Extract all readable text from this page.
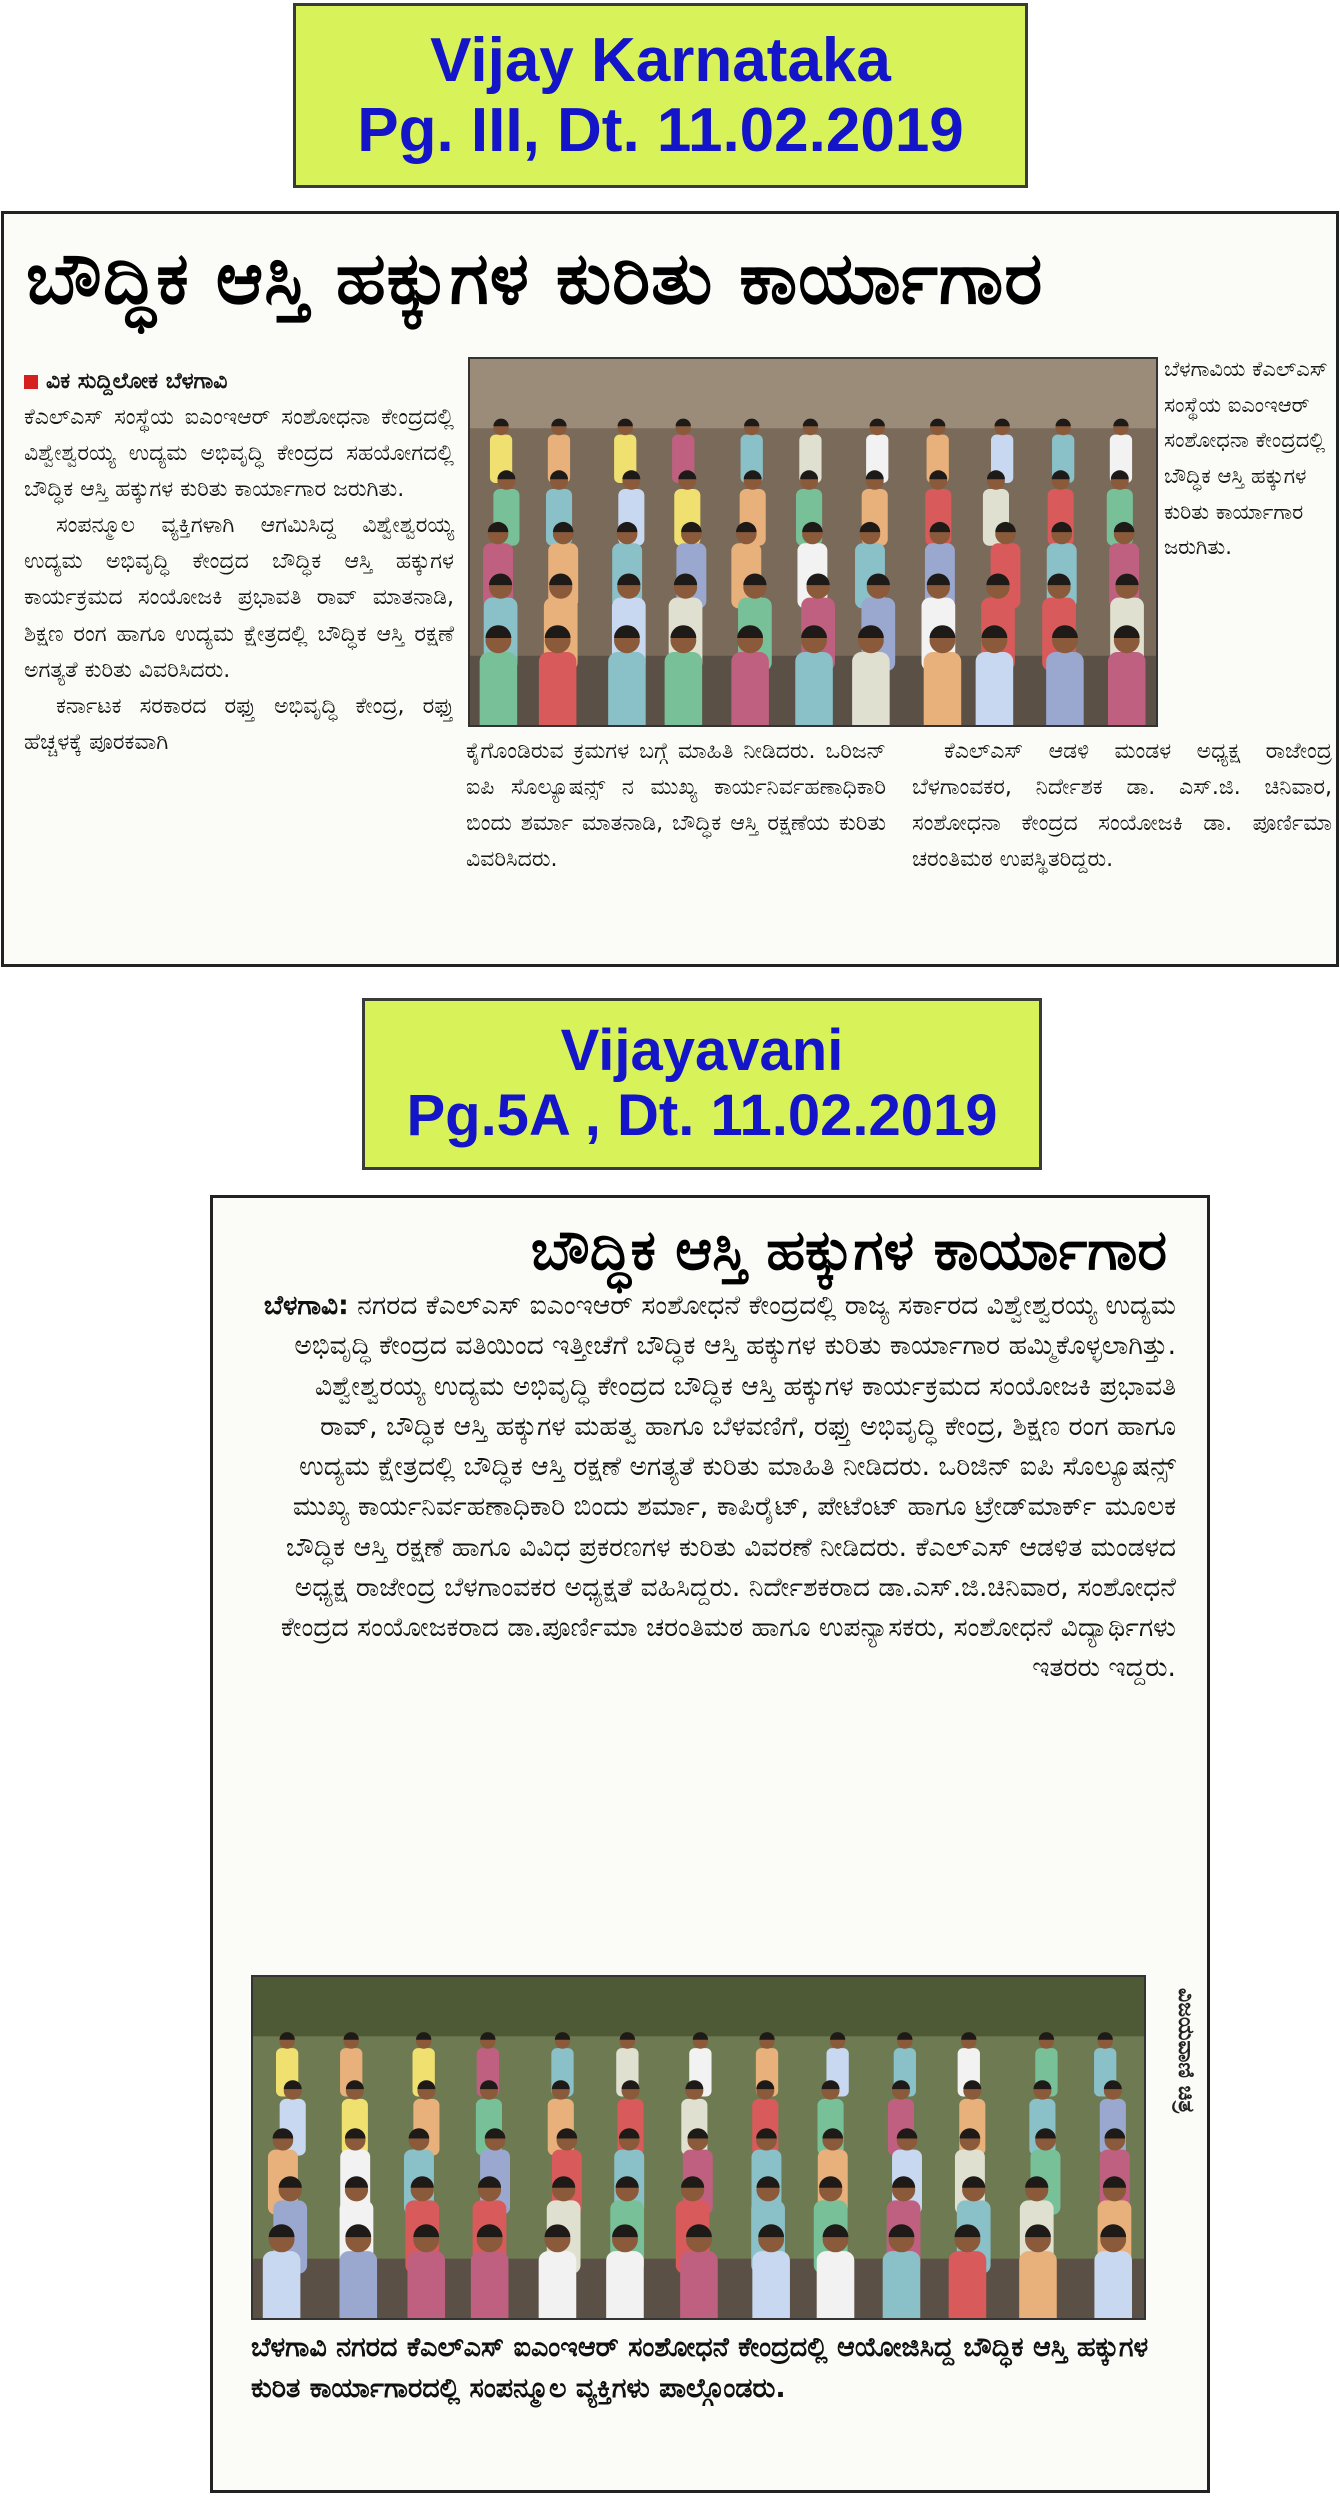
Vijay Karnataka
Pg. III, Dt. 11.02.2019
ಬೌದ್ಧಿಕ ಆಸ್ತಿ ಹಕ್ಕುಗಳ ಕುರಿತು ಕಾರ್ಯಾಗಾರ

ವಿಕ ಸುದ್ದಿಲೋಕ ಬೆಳಗಾವಿ

ಕೆಎಲ್‌ಎಸ್ ಸಂಸ್ಥೆಯ ಐಎಂಇಆರ್ ಸಂಶೋಧನಾ ಕೇಂದ್ರದಲ್ಲಿ ವಿಶ್ವೇಶ್ವರಯ್ಯ ಉದ್ಯಮ ಅಭಿವೃದ್ಧಿ ಕೇಂದ್ರದ ಸಹಯೋಗದಲ್ಲಿ ಬೌದ್ಧಿಕ ಆಸ್ತಿ ಹಕ್ಕುಗಳ ಕುರಿತು ಕಾರ್ಯಾಗಾರ ಜರುಗಿತು.

ಸಂಪನ್ಮೂಲ ವ್ಯಕ್ತಿಗಳಾಗಿ ಆಗಮಿಸಿದ್ದ ವಿಶ್ವೇಶ್ವರಯ್ಯ ಉದ್ಯಮ ಅಭಿವೃದ್ಧಿ ಕೇಂದ್ರದ ಬೌದ್ಧಿಕ ಆಸ್ತಿ ಹಕ್ಕುಗಳ ಕಾರ್ಯಕ್ರಮದ ಸಂಯೋಜಕಿ ಪ್ರಭಾವತಿ ರಾವ್ ಮಾತನಾಡಿ, ಶಿಕ್ಷಣ ರಂಗ ಹಾಗೂ ಉದ್ಯಮ ಕ್ಷೇತ್ರದಲ್ಲಿ ಬೌದ್ಧಿಕ ಆಸ್ತಿ ರಕ್ಷಣೆ ಅಗತ್ಯತೆ ಕುರಿತು ವಿವರಿಸಿದರು.

ಕರ್ನಾಟಕ ಸರಕಾರದ ರಫ್ತು ಅಭಿವೃದ್ಧಿ ಕೇಂದ್ರ, ರಫ್ತು ಹೆಚ್ಚಳಕ್ಕೆ ಪೂರಕವಾಗಿ

ಬೆಳಗಾವಿಯ ಕೆಎಲ್‌ಎಸ್ ಸಂಸ್ಥೆಯ ಐಎಂಇಆರ್ ಸಂಶೋಧನಾ ಕೇಂದ್ರದಲ್ಲಿ ಬೌದ್ಧಿಕ ಆಸ್ತಿ ಹಕ್ಕುಗಳ ಕುರಿತು ಕಾರ್ಯಾಗಾರ ಜರುಗಿತು.

ಕೈಗೊಂಡಿರುವ ಕ್ರಮಗಳ ಬಗ್ಗೆ ಮಾಹಿತಿ ನೀಡಿದರು. ಒರಿಜನ್ ಐಪಿ ಸೊಲ್ಯೂಷನ್ಸ್ ನ ಮುಖ್ಯ ಕಾರ್ಯನಿರ್ವಹಣಾಧಿಕಾರಿ ಬಿಂದು ಶರ್ಮಾ ಮಾತನಾಡಿ, ಬೌದ್ಧಿಕ ಆಸ್ತಿ ರಕ್ಷಣೆಯ ಕುರಿತು ವಿವರಿಸಿದರು.

ಕೆಎಲ್‌ಎಸ್ ಆಡಳಿ ಮಂಡಳ ಅಧ್ಯಕ್ಷ ರಾಜೇಂದ್ರ ಬೆಳಗಾಂವಕರ, ನಿರ್ದೇಶಕ ಡಾ. ಎಸ್.ಜಿ. ಚಿನಿವಾರ, ಸಂಶೋಧನಾ ಕೇಂದ್ರದ ಸಂಯೋಜಕಿ ಡಾ. ಪೂರ್ಣಿಮಾ ಚರಂತಿಮಠ ಉಪಸ್ಥಿತರಿದ್ದರು.

Vijayavani
Pg.5A , Dt. 11.02.2019
ಬೌದ್ಧಿಕ ಆಸ್ತಿ ಹಕ್ಕುಗಳ ಕಾರ್ಯಾಗಾರ
ಬೆಳಗಾವಿ: ನಗರದ ಕೆಎಲ್‌ಎಸ್ ಐಎಂಇಆರ್ ಸಂಶೋಧನೆ ಕೇಂದ್ರದಲ್ಲಿ ರಾಜ್ಯ ಸರ್ಕಾರದ ವಿಶ್ವೇಶ್ವರಯ್ಯ ಉದ್ಯಮ ಅಭಿವೃದ್ಧಿ ಕೇಂದ್ರದ ವತಿಯಿಂದ ಇತ್ತೀಚೆಗೆ ಬೌದ್ಧಿಕ ಆಸ್ತಿ ಹಕ್ಕುಗಳ ಕುರಿತು ಕಾರ್ಯಾಗಾರ ಹಮ್ಮಿಕೊಳ್ಳಲಾಗಿತ್ತು. ವಿಶ್ವೇಶ್ವರಯ್ಯ ಉದ್ಯಮ ಅಭಿವೃದ್ಧಿ ಕೇಂದ್ರದ ಬೌದ್ಧಿಕ ಆಸ್ತಿ ಹಕ್ಕುಗಳ ಕಾರ್ಯಕ್ರಮದ ಸಂಯೋಜಕಿ ಪ್ರಭಾವತಿ ರಾವ್, ಬೌದ್ಧಿಕ ಆಸ್ತಿ ಹಕ್ಕುಗಳ ಮಹತ್ವ ಹಾಗೂ ಬೆಳವಣಿಗೆ, ರಫ್ತು ಅಭಿವೃದ್ಧಿ ಕೇಂದ್ರ, ಶಿಕ್ಷಣ ರಂಗ ಹಾಗೂ ಉದ್ಯಮ ಕ್ಷೇತ್ರದಲ್ಲಿ ಬೌದ್ಧಿಕ ಆಸ್ತಿ ರಕ್ಷಣೆ ಅಗತ್ಯತೆ ಕುರಿತು ಮಾಹಿತಿ ನೀಡಿದರು. ಒರಿಜಿನ್ ಐಪಿ ಸೊಲ್ಯೂಷನ್ಸ್ ಮುಖ್ಯ ಕಾರ್ಯನಿರ್ವಹಣಾಧಿಕಾರಿ ಬಿಂದು ಶರ್ಮಾ, ಕಾಪಿರೈಟ್, ಪೇಟೆಂಟ್ ಹಾಗೂ ಟ್ರೇಡ್‌ಮಾರ್ಕ್ ಮೂಲಕ ಬೌದ್ಧಿಕ ಆಸ್ತಿ ರಕ್ಷಣೆ ಹಾಗೂ ವಿವಿಧ ಪ್ರಕರಣಗಳ ಕುರಿತು ವಿವರಣೆ ನೀಡಿದರು. ಕೆಎಲ್‌ಎಸ್ ಆಡಳಿತ ಮಂಡಳದ ಅಧ್ಯಕ್ಷ ರಾಜೇಂದ್ರ ಬೆಳಗಾಂವಕರ ಅಧ್ಯಕ್ಷತೆ ವಹಿಸಿದ್ದರು. ನಿರ್ದೇಶಕರಾದ ಡಾ.ಎಸ್.ಜಿ.ಚಿನಿವಾರ, ಸಂಶೋಧನೆ ಕೇಂದ್ರದ ಸಂಯೋಜಕರಾದ ಡಾ.ಪೂರ್ಣಿಮಾ ಚರಂತಿಮಠ ಹಾಗೂ ಉಪನ್ಯಾಸಕರು, ಸಂಶೋಧನೆ ವಿದ್ಯಾರ್ಥಿಗಳು ಇತರರು ಇದ್ದರು.
ವಿಜಯವಾಣಿ ಚಿತ್ರ
ಬೆಳಗಾವಿ ನಗರದ ಕೆಎಲ್‌ಎಸ್ ಐಎಂಇಆರ್ ಸಂಶೋಧನೆ ಕೇಂದ್ರದಲ್ಲಿ ಆಯೋಜಿಸಿದ್ದ ಬೌದ್ಧಿಕ ಆಸ್ತಿ ಹಕ್ಕುಗಳ ಕುರಿತ ಕಾರ್ಯಾಗಾರದಲ್ಲಿ ಸಂಪನ್ಮೂಲ ವ್ಯಕ್ತಿಗಳು ಪಾಲ್ಗೊಂಡರು.
